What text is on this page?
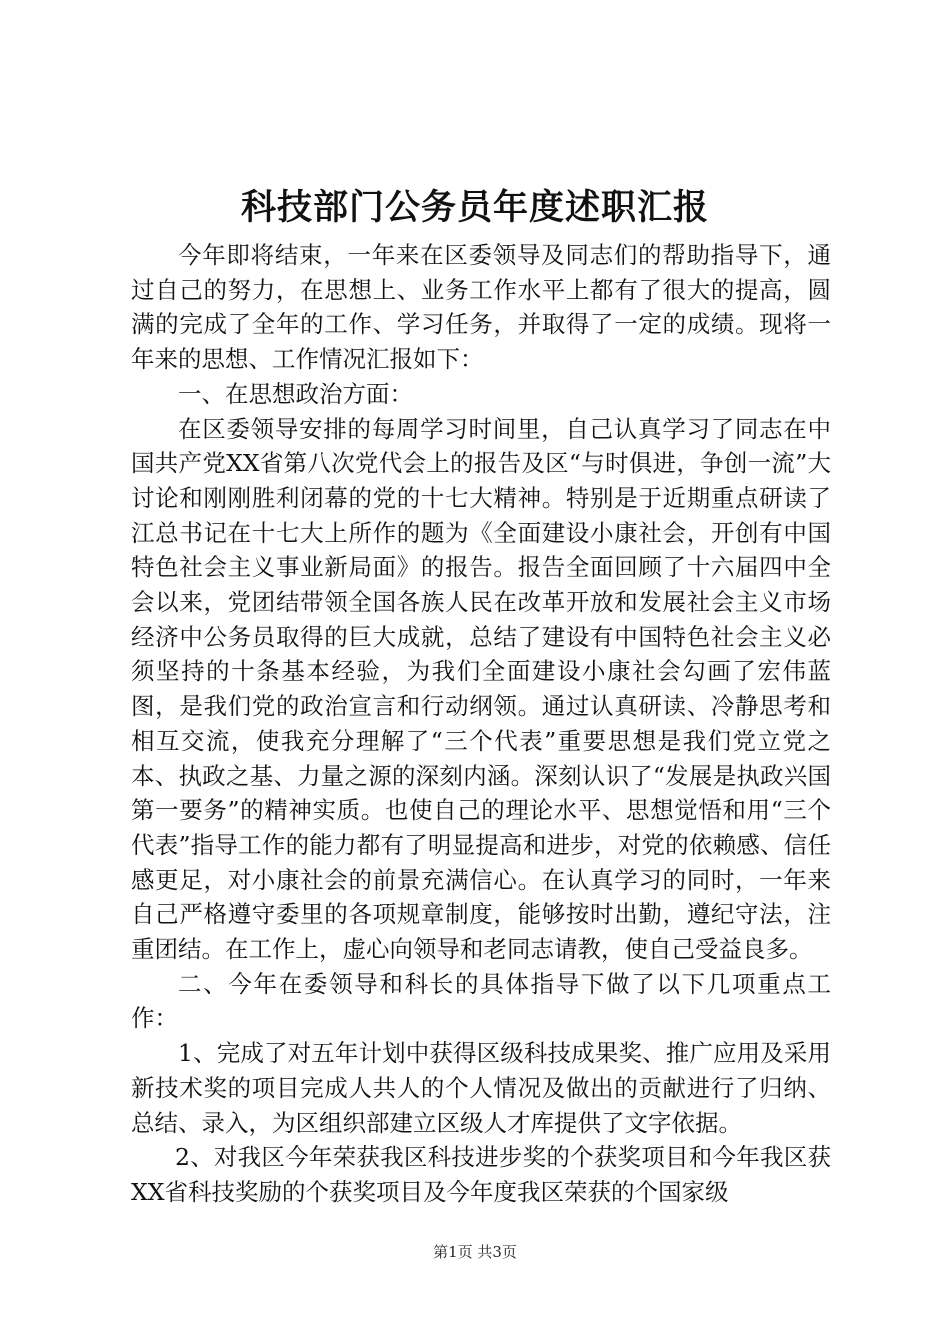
科技部门公务员年度述职汇报

今年即将结束，一年来在区委领导及同志们的帮助指导下，通过自己的努力，在思想上、业务工作水平上都有了很大的提高，圆满的完成了全年的工作、学习任务，并取得了一定的成绩。现将一年来的思想、工作情况汇报如下：

一、在思想政治方面：

在区委领导安排的每周学习时间里，自己认真学习了同志在中国共产党XX省第八次党代会上的报告及区“与时俱进，争创一流”大讨论和刚刚胜利闭幕的党的十七大精神。特别是于近期重点研读了江总书记在十七大上所作的题为《全面建设小康社会，开创有中国特色社会主义事业新局面》的报告。报告全面回顾了十六届四中全会以来，党团结带领全国各族人民在改革开放和发展社会主义市场经济中公务员取得的巨大成就，总结了建设有中国特色社会主义必须坚持的十条基本经验，为我们全面建设小康社会勾画了宏伟蓝图，是我们党的政治宣言和行动纲领。通过认真研读、冷静思考和相互交流，使我充分理解了“三个代表”重要思想是我们党立党之本、执政之基、力量之源的深刻内涵。深刻认识了“发展是执政兴国第一要务”的精神实质。也使自己的理论水平、思想觉悟和用“三个代表”指导工作的能力都有了明显提高和进步，对党的依赖感、信任感更足，对小康社会的前景充满信心。在认真学习的同时，一年来自己严格遵守委里的各项规章制度，能够按时出勤，遵纪守法，注重团结。在工作上，虚心向领导和老同志请教，使自己受益良多。

二、今年在委领导和科长的具体指导下做了以下几项重点工作：

1、完成了对五年计划中获得区级科技成果奖、推广应用及采用新技术奖的项目完成人共人的个人情况及做出的贡献进行了归纳、总结、录入，为区组织部建立区级人才库提供了文字依据。

2、对我区今年荣获我区科技进步奖的个获奖项目和今年我区获XX省科技奖励的个获奖项目及今年度我区荣获的个国家级

第1页 共3页
